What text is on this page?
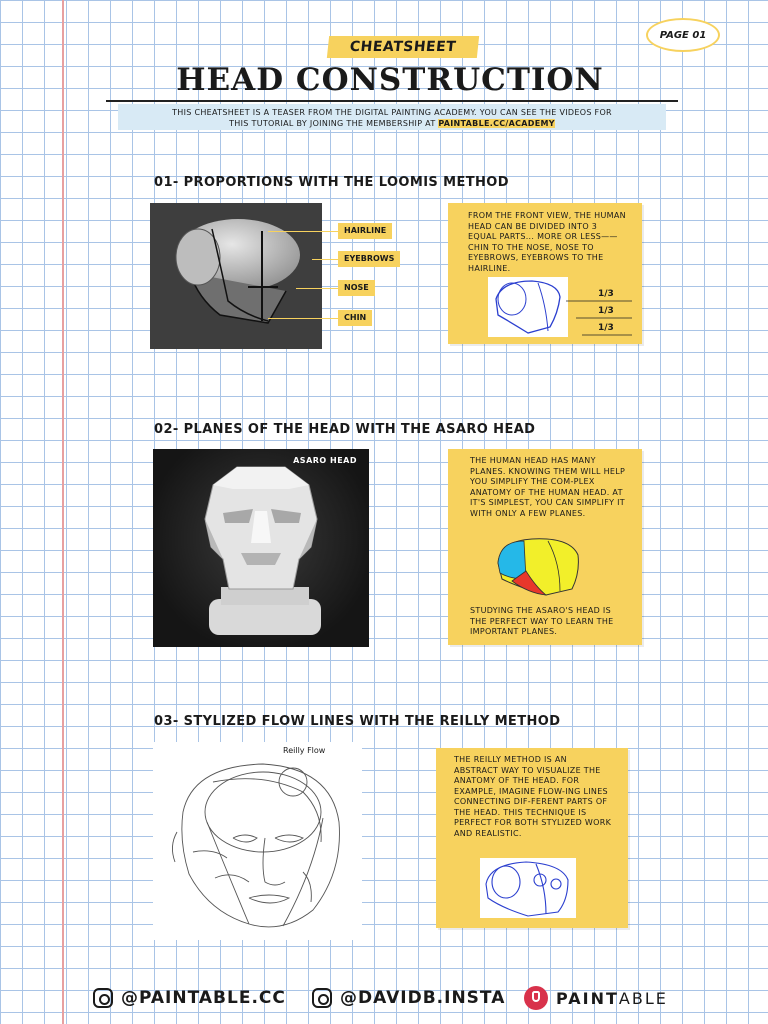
PAGE 01
CHEATSHEET
HEAD CONSTRUCTION
THIS CHEATSHEET IS A TEASER FROM THE DIGITAL PAINTING ACADEMY. YOU CAN SEE THE VIDEOS FOR
THIS TUTORIAL BY JOINING THE MEMBERSHIP AT PAINTABLE.CC/ACADEMY
01- PROPORTIONS WITH THE LOOMIS METHOD
HAIRLINE
EYEBROWS
NOSE
CHIN
FROM THE FRONT VIEW, THE HUMAN HEAD CAN BE DIVIDED INTO 3 EQUAL PARTS... MORE OR LESS——CHIN TO THE NOSE, NOSE TO EYEBROWS, EYEBROWS TO THE HAIRLINE.
1/3
1/3
1/3
02- PLANES OF THE HEAD WITH THE ASARO HEAD
ASARO HEAD	THE HUMAN HEAD HAS MANY PLANES. KNOWING THEM WILL HELP YOU SIMPLIFY THE COM-PLEX ANATOMY OF THE HUMAN HEAD. AT IT'S SIMPLEST, YOU CAN SIMPLIFY IT WITH ONLY A FEW PLANES.
STUDYING THE ASARO'S HEAD IS THE PERFECT WAY TO LEARN THE IMPORTANT PLANES.
03- STYLIZED FLOW LINES WITH THE REILLY METHOD
Reilly Flow
THE REILLY METHOD IS AN ABSTRACT WAY TO VISUALIZE THE ANATOMY OF THE HEAD. FOR EXAMPLE, IMAGINE FLOW-ING LINES CONNECTING DIF-FERENT PARTS OF THE HEAD. THIS TECHNIQUE IS PERFECT FOR BOTH STYLIZED WORK AND REALISTIC.
@PAINTABLE.CC	@DAVIDB.INSTA	PAINTABLE
